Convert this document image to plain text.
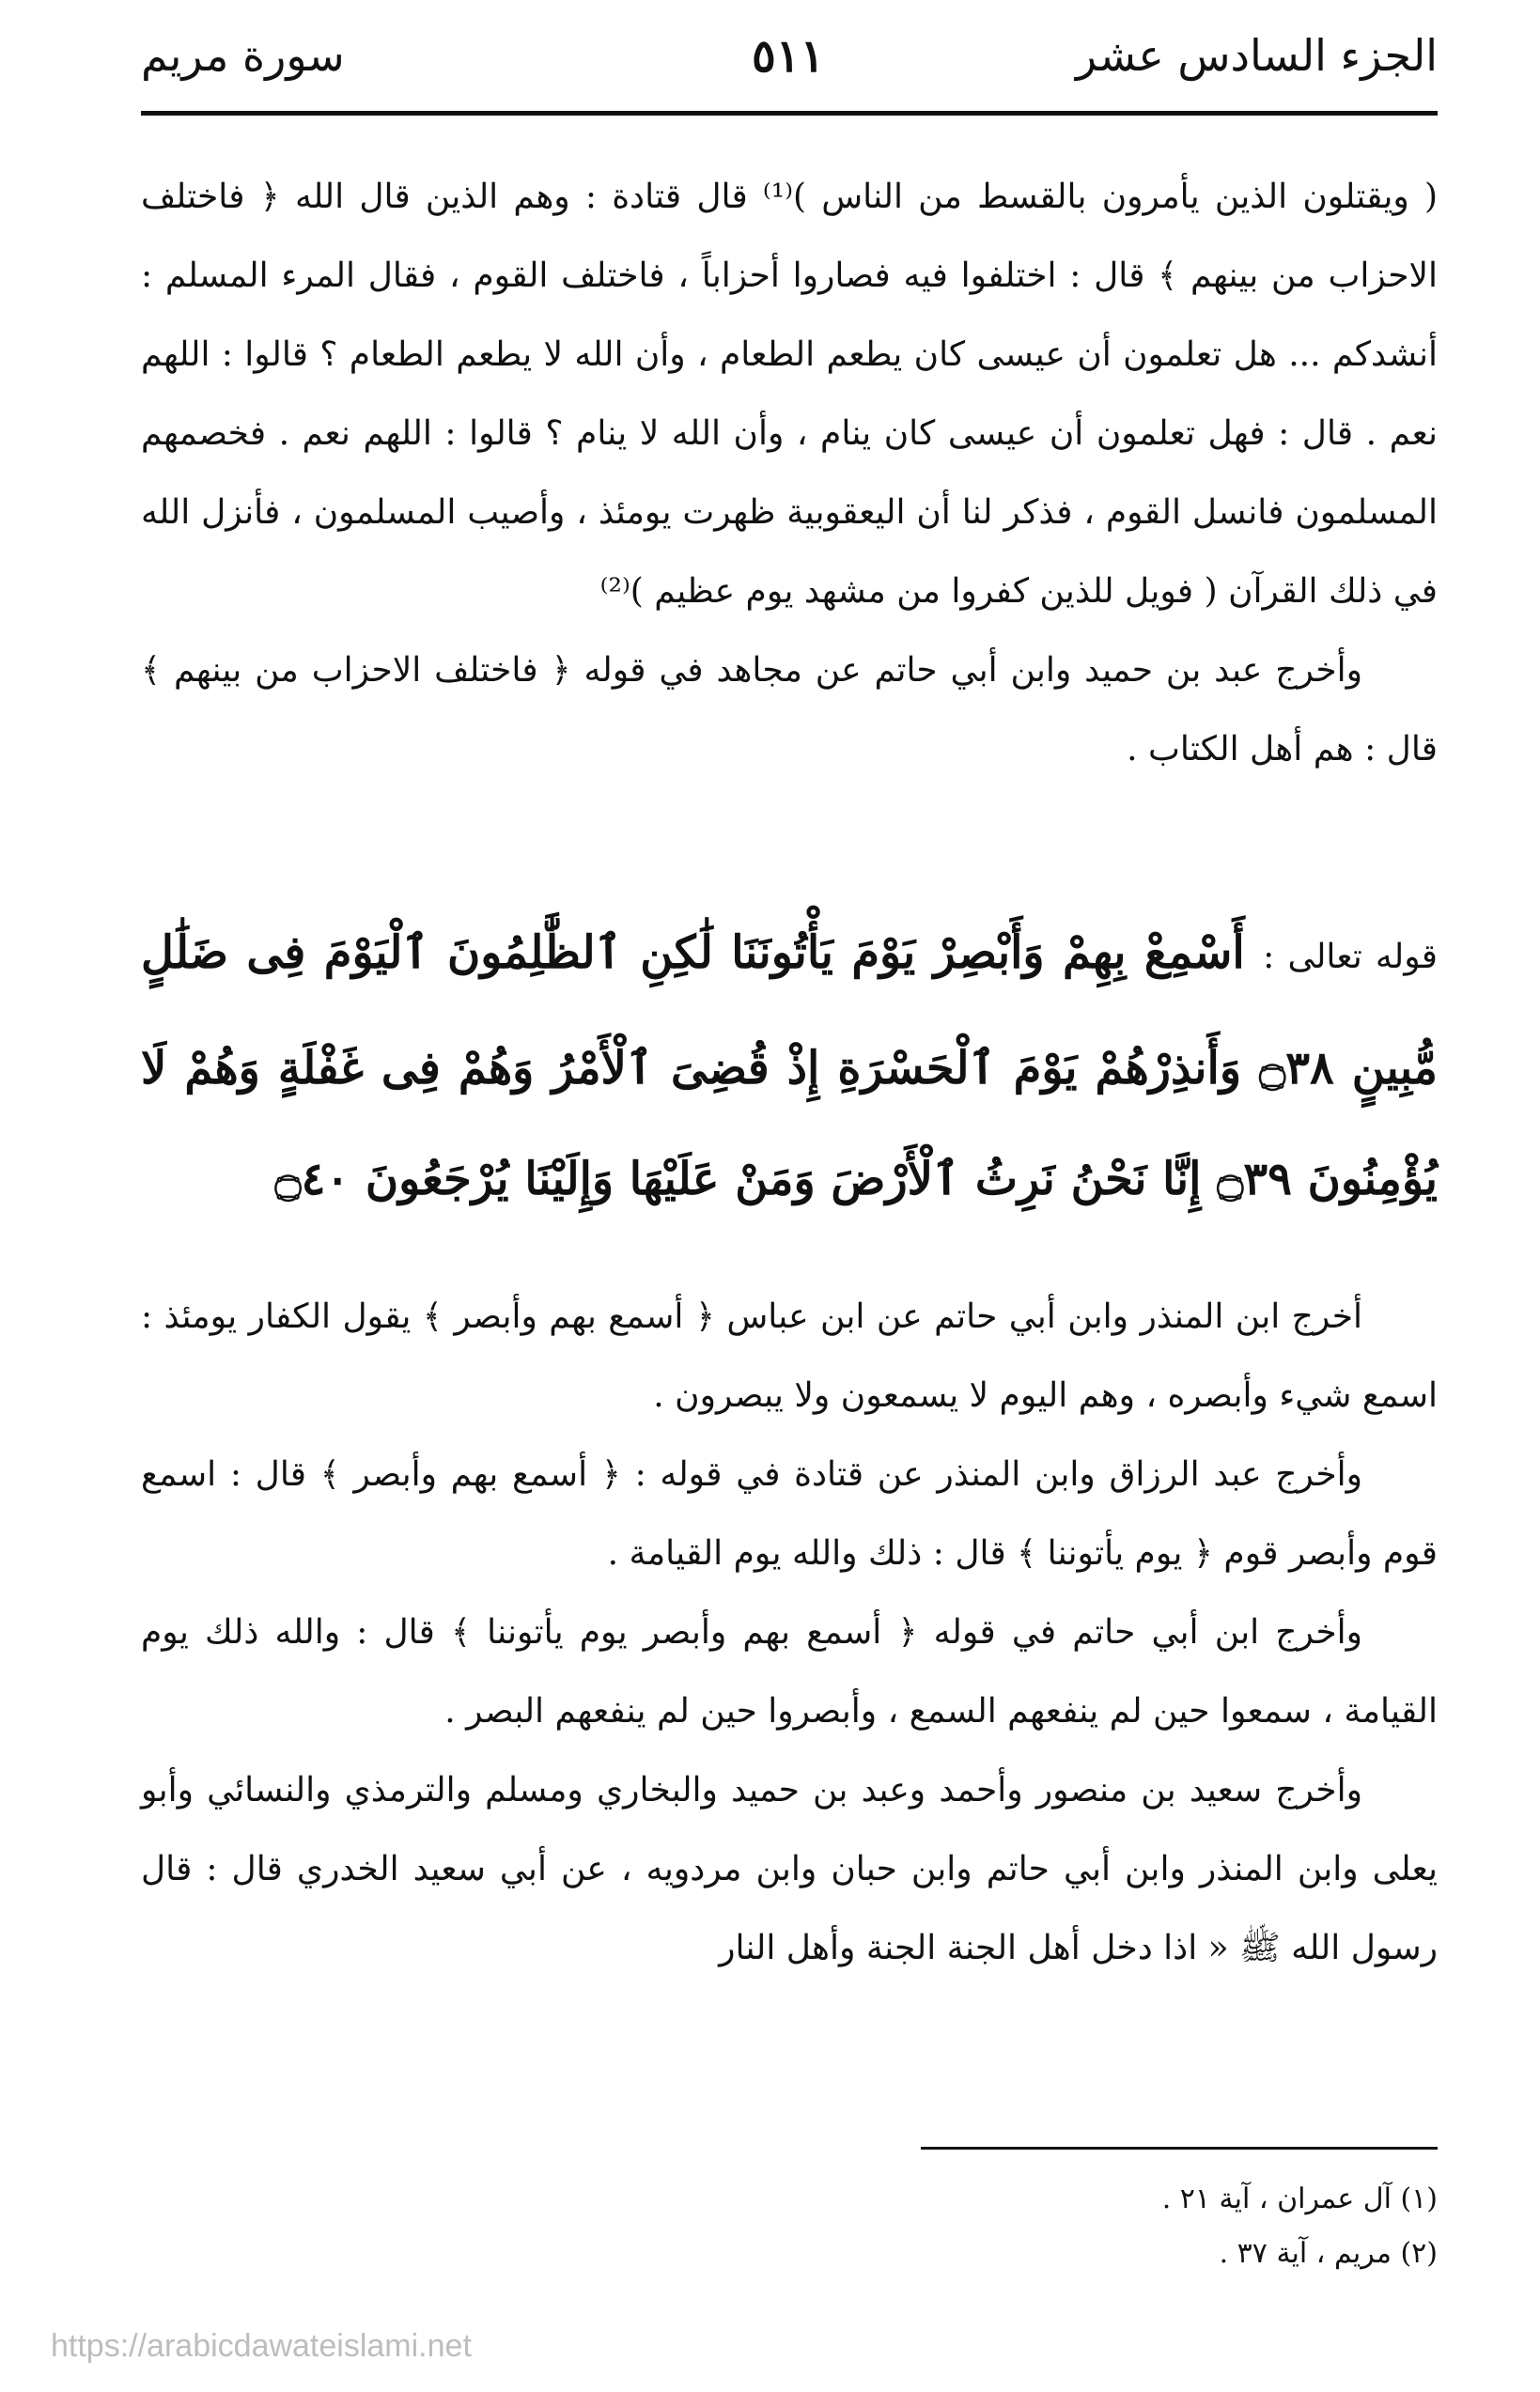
الجزء السادس عشر
٥١١
سورة مريم

( ويقتلون الذين يأمرون بالقسط من الناس )⁽¹⁾ قال قتادة : وهم الذين قال الله ﴿ فاختلف الاحزاب من بينهم ﴾ قال : اختلفوا فيه فصاروا أحزاباً ، فاختلف القوم ، فقال المرء المسلم : أنشدكم ... هل تعلمون أن عيسى كان يطعم الطعام ، وأن الله لا يطعم الطعام ؟ قالوا : اللهم نعم . قال : فهل تعلمون أن عيسى كان ينام ، وأن الله لا ينام ؟ قالوا : اللهم نعم . فخصمهم المسلمون فانسل القوم ، فذكر لنا أن اليعقوبية ظهرت يومئذ ، وأصيب المسلمون ، فأنزل الله في ذلك القرآن ( فويل للذين كفروا من مشهد يوم عظيم )⁽²⁾

وأخرج عبد بن حميد وابن أبي حاتم عن مجاهد في قوله ﴿ فاختلف الاحزاب من بينهم ﴾ قال : هم أهل الكتاب .

قوله تعالى : أَسْمِعْ بِهِمْ وَأَبْصِرْ يَوْمَ يَأْتُونَنَا لَٰكِنِ ٱلظَّٰلِمُونَ ٱلْيَوْمَ فِى ضَلَٰلٍ مُّبِينٍ ۝٣٨ وَأَنذِرْهُمْ يَوْمَ ٱلْحَسْرَةِ إِذْ قُضِىَ ٱلْأَمْرُ وَهُمْ فِى غَفْلَةٍ وَهُمْ لَا يُؤْمِنُونَ ۝٣٩ إِنَّا نَحْنُ نَرِثُ ٱلْأَرْضَ وَمَنْ عَلَيْهَا وَإِلَيْنَا يُرْجَعُونَ ۝٤٠

أخرج ابن المنذر وابن أبي حاتم عن ابن عباس ﴿ أسمع بهم وأبصر ﴾ يقول الكفار يومئذ : اسمع شيء وأبصره ، وهم اليوم لا يسمعون ولا يبصرون .

وأخرج عبد الرزاق وابن المنذر عن قتادة في قوله : ﴿ أسمع بهم وأبصر ﴾ قال : اسمع قوم وأبصر قوم ﴿ يوم يأتوننا ﴾ قال : ذلك والله يوم القيامة .

وأخرج ابن أبي حاتم في قوله ﴿ أسمع بهم وأبصر يوم يأتوننا ﴾ قال : والله ذلك يوم القيامة ، سمعوا حين لم ينفعهم السمع ، وأبصروا حين لم ينفعهم البصر .

وأخرج سعيد بن منصور وأحمد وعبد بن حميد والبخاري ومسلم والترمذي والنسائي وأبو يعلى وابن المنذر وابن أبي حاتم وابن حبان وابن مردويه ، عن أبي سعيد الخدري قال : قال رسول الله ﷺ « اذا دخل أهل الجنة الجنة وأهل النار

(١) آل عمران ، آية ٢١ .
(٢) مريم ، آية ٣٧ .
https://arabicdawateislami.net
